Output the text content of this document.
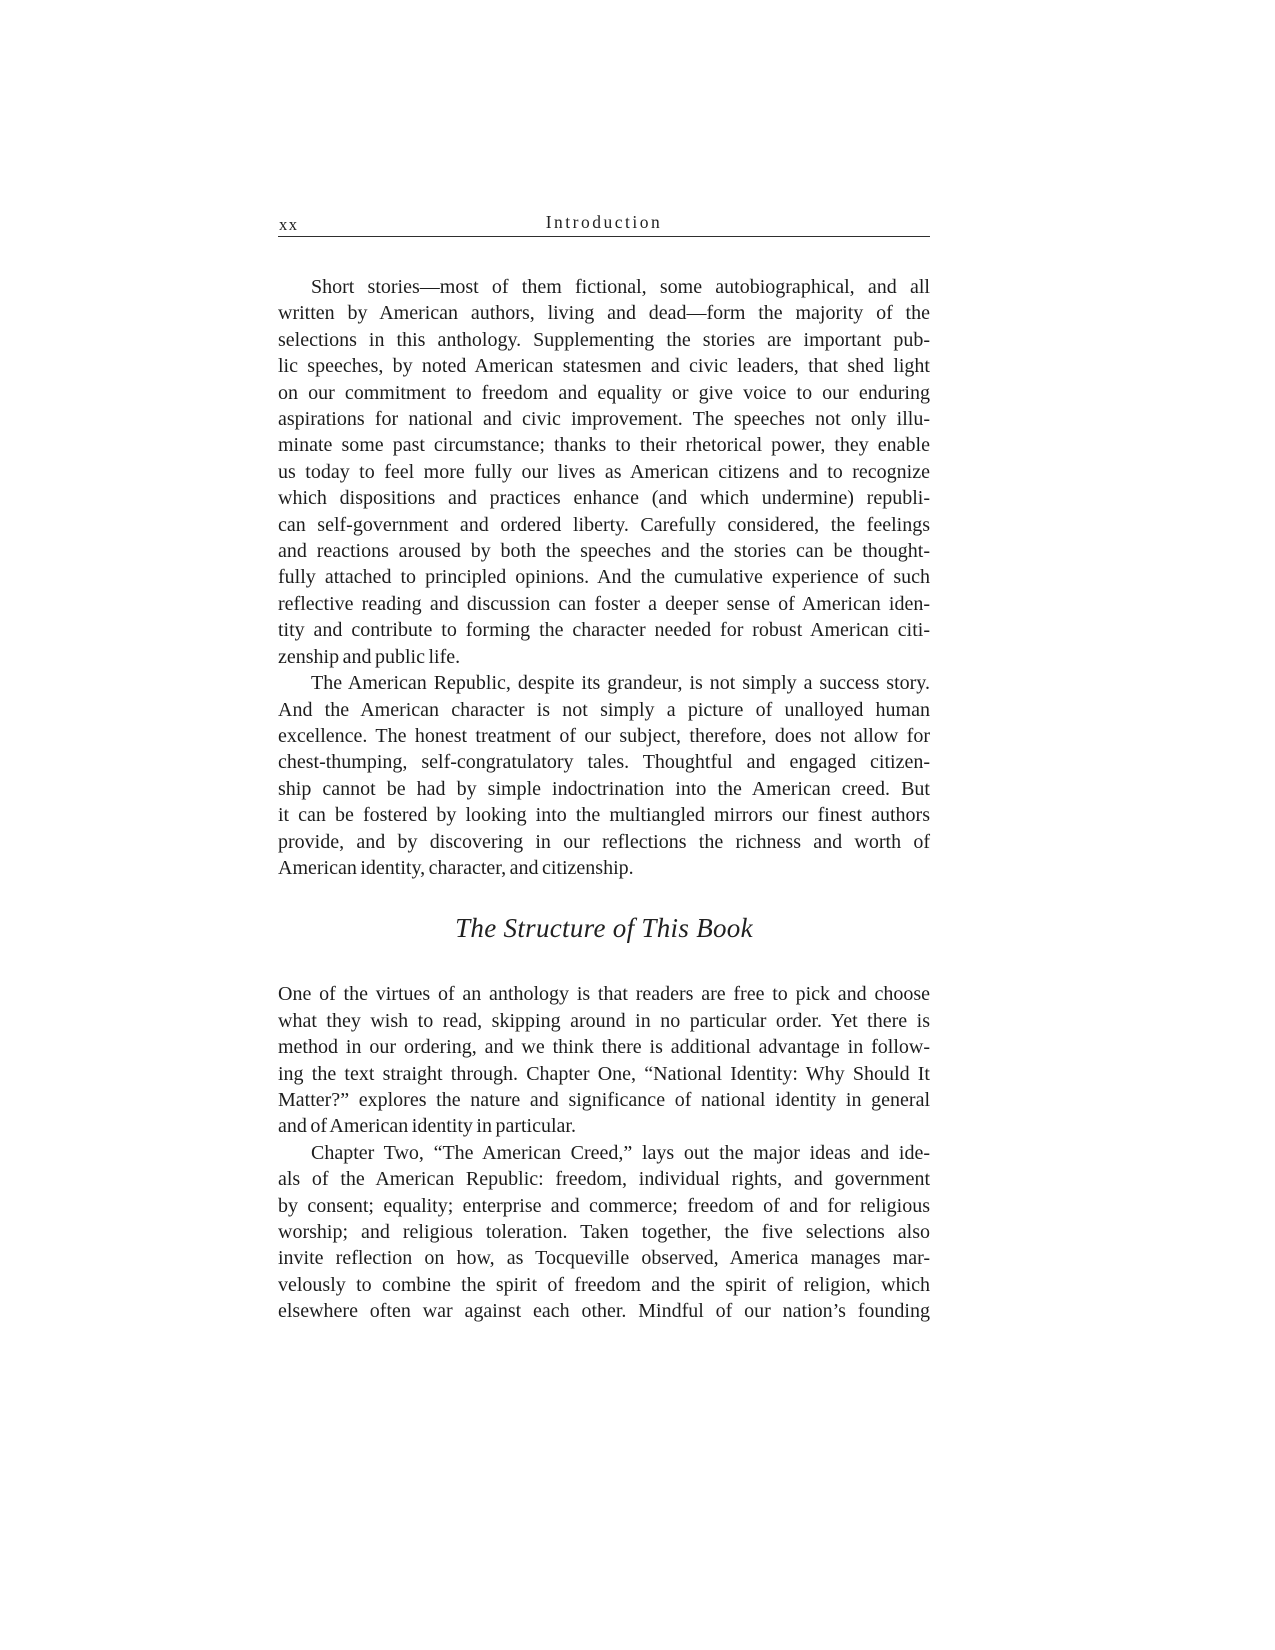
xx	Introduction
Short stories—most of them fictional, some autobiographical, and all
written by American authors, living and dead—form the majority of the
selections in this anthology. Supplementing the stories are important pub-
lic speeches, by noted American statesmen and civic leaders, that shed light
on our commitment to freedom and equality or give voice to our enduring
aspirations for national and civic improvement. The speeches not only illu-
minate some past circumstance; thanks to their rhetorical power, they enable
us today to feel more fully our lives as American citizens and to recognize
which dispositions and practices enhance (and which undermine) republi-
can self-government and ordered liberty. Carefully considered, the feelings
and reactions aroused by both the speeches and the stories can be thought-
fully attached to principled opinions. And the cumulative experience of such
reflective reading and discussion can foster a deeper sense of American iden-
tity and contribute to forming the character needed for robust American citi-
zenship and public life.
The American Republic, despite its grandeur, is not simply a success story.
And the American character is not simply a picture of unalloyed human
excellence. The honest treatment of our subject, therefore, does not allow for
chest-thumping, self-congratulatory tales. Thoughtful and engaged citizen-
ship cannot be had by simple indoctrination into the American creed. But
it can be fostered by looking into the multiangled mirrors our finest authors
provide, and by discovering in our reflections the richness and worth of
American identity, character, and citizenship.
The Structure of This Book
One of the virtues of an anthology is that readers are free to pick and choose
what they wish to read, skipping around in no particular order. Yet there is
method in our ordering, and we think there is additional advantage in follow-
ing the text straight through. Chapter One, “National Identity: Why Should It
Matter?” explores the nature and significance of national identity in general
and of American identity in particular.
Chapter Two, “The American Creed,” lays out the major ideas and ide-
als of the American Republic: freedom, individual rights, and government
by consent; equality; enterprise and commerce; freedom of and for religious
worship; and religious toleration. Taken together, the five selections also
invite reflection on how, as Tocqueville observed, America manages mar-
velously to combine the spirit of freedom and the spirit of religion, which
elsewhere often war against each other. Mindful of our nation’s founding
